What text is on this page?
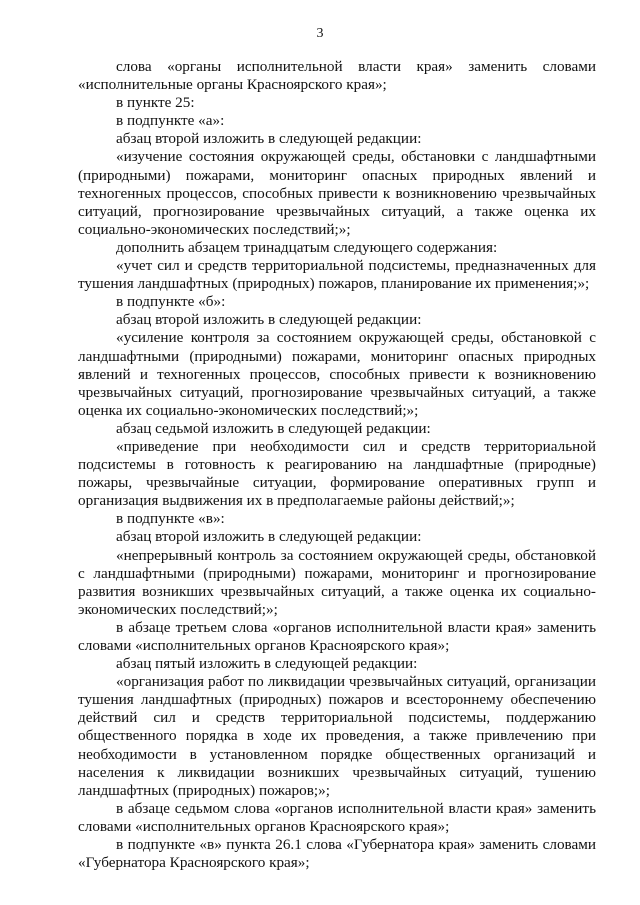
3

слова «органы исполнительной власти края» заменить словами «исполнительные органы Красноярского края»;

в пункте 25:

в подпункте «а»:

абзац второй изложить в следующей редакции:

«изучение состояния окружающей среды, обстановки с ландшафтными (природными) пожарами, мониторинг опасных природных явлений и техногенных процессов, способных привести к возникновению чрезвычайных ситуаций, прогнозирование чрезвычайных ситуаций, а также оценка их социально-экономических последствий;»;

дополнить абзацем тринадцатым следующего содержания:

«учет сил и средств территориальной подсистемы, предназначенных для тушения ландшафтных (природных) пожаров, планирование их применения;»;

в подпункте «б»:

абзац второй изложить в следующей редакции:

«усиление контроля за состоянием окружающей среды, обстановкой с ландшафтными (природными) пожарами, мониторинг опасных природных явлений и техногенных процессов, способных привести к возникновению чрезвычайных ситуаций, прогнозирование чрезвычайных ситуаций, а также оценка их социально-экономических последствий;»;

абзац седьмой изложить в следующей редакции:

«приведение при необходимости сил и средств территориальной подсистемы в готовность к реагированию на ландшафтные (природные) пожары, чрезвычайные ситуации, формирование оперативных групп и организация выдвижения их в предполагаемые районы действий;»;

в подпункте «в»:

абзац второй изложить в следующей редакции:

«непрерывный контроль за состоянием окружающей среды, обстановкой с ландшафтными (природными) пожарами, мониторинг и прогнозирование развития возникших чрезвычайных ситуаций, а также оценка их социально-экономических последствий;»;

в абзаце третьем слова «органов исполнительной власти края» заменить словами «исполнительных органов Красноярского края»;

абзац пятый изложить в следующей редакции:

«организация работ по ликвидации чрезвычайных ситуаций, организации тушения ландшафтных (природных) пожаров и всестороннему обеспечению действий сил и средств территориальной подсистемы, поддержанию общественного порядка в ходе их проведения, а также привлечению при необходимости в установленном порядке общественных организаций и населения к ликвидации возникших чрезвычайных ситуаций, тушению ландшафтных (природных) пожаров;»;

в абзаце седьмом слова «органов исполнительной власти края» заменить словами «исполнительных органов Красноярского края»;

в подпункте «в» пункта 26.1 слова «Губернатора края» заменить словами «Губернатора Красноярского края»;
